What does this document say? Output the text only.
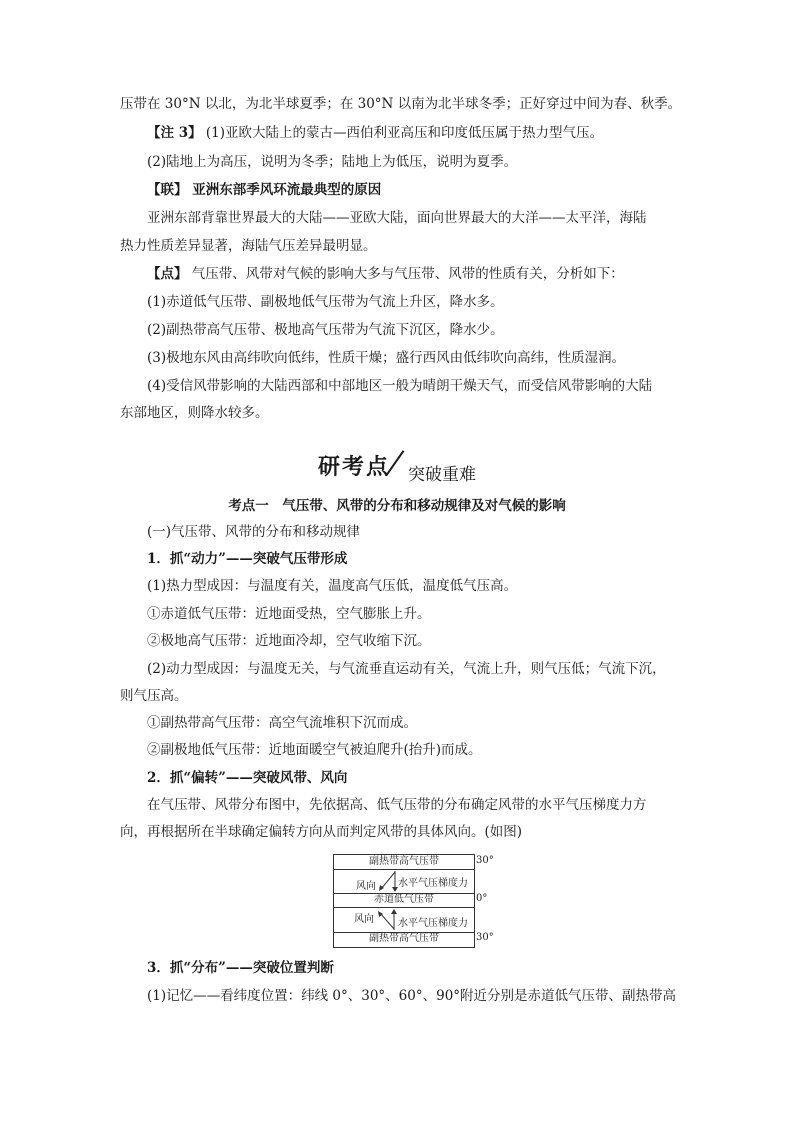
压带在 30°N 以北，为北半球夏季；在 30°N 以南为北半球冬季；正好穿过中间为春、秋季。
【注 3】 (1)亚欧大陆上的蒙古—西伯利亚高压和印度低压属于热力型气压。
(2)陆地上为高压，说明为冬季；陆地上为低压，说明为夏季。
【联】 亚洲东部季风环流最典型的原因
亚洲东部背靠世界最大的大陆——亚欧大陆，面向世界最大的大洋——太平洋，海陆
热力性质差异显著，海陆气压差异最明显。
【点】 气压带、风带对气候的影响大多与气压带、风带的性质有关，分析如下：
(1)赤道低气压带、副极地低气压带为气流上升区，降水多。
(2)副热带高气压带、极地高气压带为气流下沉区，降水少。
(3)极地东风由高纬吹向低纬，性质干燥；盛行西风由低纬吹向高纬，性质湿润。
(4)受信风带影响的大陆西部和中部地区一般为晴朗干燥天气，而受信风带影响的大陆
东部地区，则降水较多。
研考点 突破重难
考点一　气压带、风带的分布和移动规律及对气候的影响
(一)气压带、风带的分布和移动规律
1．抓“动力”——突破气压带形成
(1)热力型成因：与温度有关，温度高气压低，温度低气压高。
①赤道低气压带：近地面受热，空气膨胀上升。
②极地高气压带：近地面冷却，空气收缩下沉。
(2)动力型成因：与温度无关，与气流垂直运动有关，气流上升，则气压低；气流下沉，
则气压高。
①副热带高气压带：高空气流堆积下沉而成。
②副极地低气压带：近地面暖空气被迫爬升(抬升)而成。
2．抓“偏转”——突破风带、风向
在气压带、风带分布图中，先依据高、低气压带的分布确定风带的水平气压梯度力方
向，再根据所在半球确定偏转方向从而判定风带的具体风向。(如图)
副热带高气压带
赤道低气压带
副热带高气压带
风向 水平气压梯度力
风向 水平气压梯度力
30°
0°
30°
3．抓“分布”——突破位置判断
(1)记忆——看纬度位置：纬线 0°、30°、60°、90°附近分别是赤道低气压带、副热带高
